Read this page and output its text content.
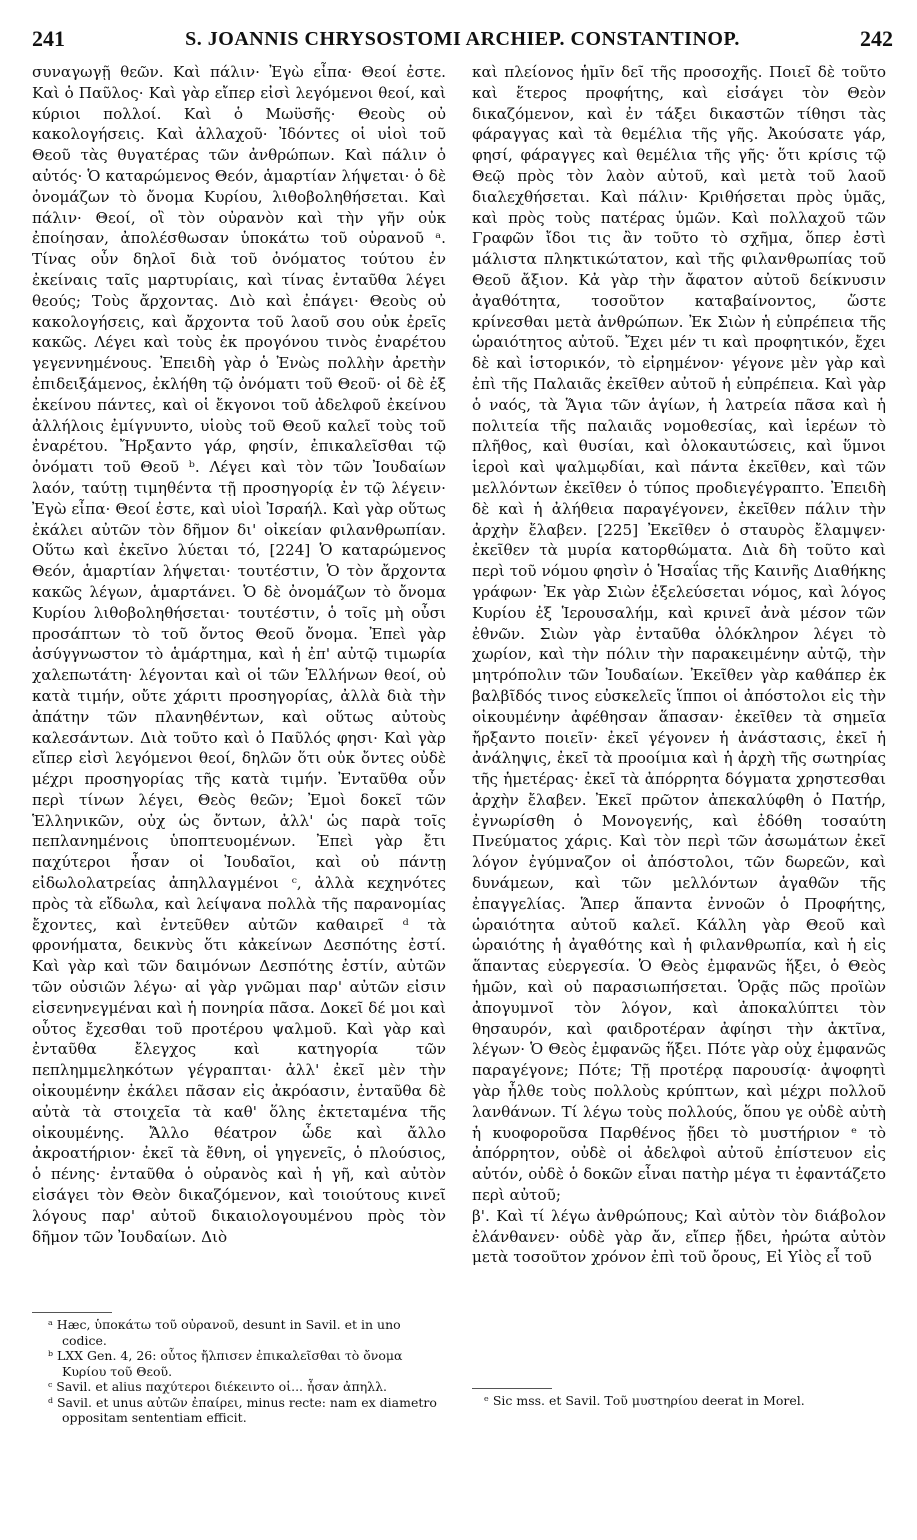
241	S. JOANNIS CHRYSOSTOMI ARCHIEP. CONSTANTINOP.	242

συναγωγῇ θεῶν. Καὶ πάλιν· Ἐγὼ εἶπα· Θεοί ἐστε. Καὶ ὁ Παῦλος· Καὶ γὰρ εἴπερ εἰσὶ λεγόμενοι θεοί, καὶ κύριοι πολλοί. Καὶ ὁ Μωϋσῆς· Θεοὺς οὐ κακολογήσεις. Καὶ ἀλλαχοῦ· Ἰδόντες οἱ υἱοὶ τοῦ Θεοῦ τὰς θυγατέρας τῶν ἀνθρώπων. Καὶ πάλιν ὁ αὐτός· Ὁ καταρώμενος Θεόν, ἁμαρτίαν λήψεται· ὁ δὲ ὀνομάζων τὸ ὄνομα Κυρίου, λιθοβοληθήσεται. Καὶ πάλιν· Θεοί, οἳ τὸν οὐρανὸν καὶ τὴν γῆν οὐκ ἐποίησαν, ἀπολέσθωσαν ὑποκάτω τοῦ οὐρανοῦ ᵃ. Τίνας οὖν δηλοῖ διὰ τοῦ ὀνόματος τούτου ἐν ἐκείναις ταῖς μαρτυρίαις, καὶ τίνας ἐνταῦθα λέγει θεούς; Τοὺς ἄρχοντας. Διὸ καὶ ἐπάγει· Θεοὺς οὐ κακολογήσεις, καὶ ἄρχοντα τοῦ λαοῦ σου οὐκ ἐρεῖς κακῶς. Λέγει καὶ τοὺς ἐκ προγόνου τινὸς ἐναρέτου γεγεννημένους. Ἐπειδὴ γὰρ ὁ Ἐνὼς πολλὴν ἀρετὴν ἐπιδειξάμενος, ἐκλήθη τῷ ὀνόματι τοῦ Θεοῦ· οἱ δὲ ἐξ ἐκείνου πάντες, καὶ οἱ ἔκγονοι τοῦ ἀδελφοῦ ἐκείνου ἀλλήλοις ἐμίγνυντο, υἱοὺς τοῦ Θεοῦ καλεῖ τοὺς τοῦ ἐναρέτου. Ἤρξαντο γάρ, φησίν, ἐπικαλεῖσθαι τῷ ὀνόματι τοῦ Θεοῦ ᵇ. Λέγει καὶ τὸν τῶν Ἰουδαίων λαόν, ταύτῃ τιμηθέντα τῇ προσηγορίᾳ ἐν τῷ λέγειν· Ἐγὼ εἶπα· Θεοί ἐστε, καὶ υἱοὶ Ἰσραήλ. Καὶ γὰρ οὕτως ἐκάλει αὐτῶν τὸν δῆμον δι' οἰκείαν φιλανθρωπίαν. Οὕτω καὶ ἐκεῖνο λύεται τό, [224] Ὁ καταρώμενος Θεόν, ἁμαρτίαν λήψεται· τουτέστιν, Ὁ τὸν ἄρχοντα κακῶς λέγων, ἁμαρτάνει. Ὁ δὲ ὀνομάζων τὸ ὄνομα Κυρίου λιθοβοληθήσεται· τουτέστιν, ὁ τοῖς μὴ οὖσι προσάπτων τὸ τοῦ ὄντος Θεοῦ ὄνομα. Ἐπεὶ γὰρ ἀσύγγνωστον τὸ ἁμάρτημα, καὶ ἡ ἐπ' αὐτῷ τιμωρία χαλεπωτάτη· λέγονται καὶ οἱ τῶν Ἑλλήνων θεοί, οὐ κατὰ τιμήν, οὔτε χάριτι προσηγορίας, ἀλλὰ διὰ τὴν ἀπάτην τῶν πλανηθέντων, καὶ οὕτως αὐτοὺς καλεσάντων. Διὰ τοῦτο καὶ ὁ Παῦλός φησι· Καὶ γὰρ εἴπερ εἰσὶ λεγόμενοι θεοί, δηλῶν ὅτι οὐκ ὄντες οὐδὲ μέχρι προσηγορίας τῆς κατὰ τιμήν. Ἐνταῦθα οὖν περὶ τίνων λέγει, Θεὸς θεῶν; Ἐμοὶ δοκεῖ τῶν Ἑλληνικῶν, οὐχ ὡς ὄντων, ἀλλ' ὡς παρὰ τοῖς πεπλανημένοις ὑποπτευομένων. Ἐπεὶ γὰρ ἔτι παχύτεροι ἦσαν οἱ Ἰουδαῖοι, καὶ οὐ πάντῃ εἰδωλολατρείας ἀπηλλαγμένοι ᶜ, ἀλλὰ κεχηνότες πρὸς τὰ εἴδωλα, καὶ λείψανα πολλὰ τῆς παρανομίας ἔχοντες, καὶ ἐντεῦθεν αὐτῶν καθαιρεῖ ᵈ τὰ φρονήματα, δεικνὺς ὅτι κἀκείνων Δεσπότης ἐστί. Καὶ γὰρ καὶ τῶν δαιμόνων Δεσπότης ἐστίν, αὐτῶν τῶν οὐσιῶν λέγω· αἱ γὰρ γνῶμαι παρ' αὐτῶν εἰσιν εἰσενηνεγμέναι καὶ ἡ πονηρία πᾶσα. Δοκεῖ δέ μοι καὶ οὗτος ἔχεσθαι τοῦ προτέρου ψαλμοῦ. Καὶ γὰρ καὶ ἐνταῦθα ἔλεγχος καὶ κατηγορία τῶν πεπλημμεληκότων γέγραπται· ἀλλ' ἐκεῖ μὲν τὴν οἰκουμένην ἐκάλει πᾶσαν εἰς ἀκρόασιν, ἐνταῦθα δὲ αὐτὰ τὰ στοιχεῖα τὰ καθ' ὅλης ἐκτεταμένα τῆς οἰκουμένης. Ἄλλο θέατρον ὧδε καὶ ἄλλο ἀκροατήριον· ἐκεῖ τὰ ἔθνη, οἱ γηγενεῖς, ὁ πλούσιος, ὁ πένης· ἐνταῦθα ὁ οὐρανὸς καὶ ἡ γῆ, καὶ αὐτὸν εἰσάγει τὸν Θεὸν δικαζόμενον, καὶ τοιούτους κινεῖ λόγους παρ' αὐτοῦ δικαιολογουμένου πρὸς τὸν δῆμον τῶν Ἰουδαίων. Διὸ

καὶ πλείονος ἡμῖν δεῖ τῆς προσοχῆς. Ποιεῖ δὲ τοῦτο καὶ ἕτερος προφήτης, καὶ εἰσάγει τὸν Θεὸν δικαζόμενον, καὶ ἐν τάξει δικαστῶν τίθησι τὰς φάραγγας καὶ τὰ θεμέλια τῆς γῆς. Ἀκούσατε γάρ, φησί, φάραγγες καὶ θεμέλια τῆς γῆς· ὅτι κρίσις τῷ Θεῷ πρὸς τὸν λαὸν αὐτοῦ, καὶ μετὰ τοῦ λαοῦ διαλεχθήσεται. Καὶ πάλιν· Κριθήσεται πρὸς ὑμᾶς, καὶ πρὸς τοὺς πατέρας ὑμῶν. Καὶ πολλαχοῦ τῶν Γραφῶν ἴδοι τις ἂν τοῦτο τὸ σχῆμα, ὅπερ ἐστὶ μάλιστα πληκτικώτατον, καὶ τῆς φιλανθρωπίας τοῦ Θεοῦ ἄξιον. Κἀ γὰρ τὴν ἄφατον αὐτοῦ δείκνυσιν ἀγαθότητα, τοσοῦτον καταβαίνοντος, ὥστε κρίνεσθαι μετὰ ἀνθρώπων. Ἐκ Σιὼν ἡ εὐπρέπεια τῆς ὡραιότητος αὐτοῦ. Ἔχει μέν τι καὶ προφητικόν, ἔχει δὲ καὶ ἱστορικόν, τὸ εἰρημένον· γέγονε μὲν γὰρ καὶ ἐπὶ τῆς Παλαιᾶς ἐκεῖθεν αὐτοῦ ἡ εὐπρέπεια. Καὶ γὰρ ὁ ναός, τὰ Ἅγια τῶν ἁγίων, ἡ λατρεία πᾶσα καὶ ἡ πολιτεία τῆς παλαιᾶς νομοθεσίας, καὶ ἱερέων τὸ πλῆθος, καὶ θυσίαι, καὶ ὁλοκαυτώσεις, καὶ ὕμνοι ἱεροὶ καὶ ψαλμῳδίαι, καὶ πάντα ἐκεῖθεν, καὶ τῶν μελλόντων ἐκεῖθεν ὁ τύπος προδιεγέγραπτο. Ἐπειδὴ δὲ καὶ ἡ ἀλήθεια παραγέγονεν, ἐκεῖθεν πάλιν τὴν ἀρχὴν ἔλαβεν. [225] Ἐκεῖθεν ὁ σταυρὸς ἔλαμψεν· ἐκεῖθεν τὰ μυρία κατορθώματα. Διὰ δὴ τοῦτο καὶ περὶ τοῦ νόμου φησὶν ὁ Ἡσαΐας τῆς Καινῆς Διαθήκης γράφων· Ἐκ γὰρ Σιὼν ἐξελεύσεται νόμος, καὶ λόγος Κυρίου ἐξ Ἱερουσαλήμ, καὶ κρινεῖ ἀνὰ μέσον τῶν ἐθνῶν. Σιὼν γὰρ ἐνταῦθα ὁλόκληρον λέγει τὸ χωρίον, καὶ τὴν πόλιν τὴν παρακειμένην αὐτῷ, τὴν μητρόπολιν τῶν Ἰουδαίων. Ἐκεῖθεν γὰρ καθάπερ ἐκ βαλβῖδός τινος εὐσκελεῖς ἵπποι οἱ ἀπόστολοι εἰς τὴν οἰκουμένην ἀφέθησαν ἅπασαν· ἐκεῖθεν τὰ σημεῖα ἤρξαντο ποιεῖν· ἐκεῖ γέγονεν ἡ ἀνάστασις, ἐκεῖ ἡ ἀνάληψις, ἐκεῖ τὰ προοίμια καὶ ἡ ἀρχὴ τῆς σωτηρίας τῆς ἡμετέρας· ἐκεῖ τὰ ἀπόρρητα δόγματα χρηστεσθαι ἀρχὴν ἔλαβεν. Ἐκεῖ πρῶτον ἀπεκαλύφθη ὁ Πατήρ, ἐγνωρίσθη ὁ Μονογενής, καὶ ἐδόθη τοσαύτη Πνεύματος χάρις. Καὶ τὸν περὶ τῶν ἀσωμάτων ἐκεῖ λόγον ἐγύμναζον οἱ ἀπόστολοι, τῶν δωρεῶν, καὶ δυνάμεων, καὶ τῶν μελλόντων ἀγαθῶν τῆς ἐπαγγελίας. Ἅπερ ἅπαντα ἐννοῶν ὁ Προφήτης, ὡραιότητα αὐτοῦ καλεῖ. Κάλλη γὰρ Θεοῦ καὶ ὡραιότης ἡ ἀγαθότης καὶ ἡ φιλανθρωπία, καὶ ἡ εἰς ἅπαντας εὐεργεσία. Ὁ Θεὸς ἐμφανῶς ἥξει, ὁ Θεὸς ἡμῶν, καὶ οὐ παρασιωπήσεται. Ὁρᾷς πῶς προϊὼν ἀπογυμνοῖ τὸν λόγον, καὶ ἀποκαλύπτει τὸν θησαυρόν, καὶ φαιδροτέραν ἀφίησι τὴν ἀκτῖνα, λέγων· Ὁ Θεὸς ἐμφανῶς ἥξει. Πότε γὰρ οὐχ ἐμφανῶς παραγέγονε; Πότε; Τῇ προτέρᾳ παρουσίᾳ· ἀψοφητὶ γὰρ ἦλθε τοὺς πολλοὺς κρύπτων, καὶ μέχρι πολλοῦ λανθάνων. Τί λέγω τοὺς πολλούς, ὅπου γε οὐδὲ αὐτὴ ἡ κυοφοροῦσα Παρθένος ᾔδει τὸ μυστήριον ᵉ τὸ ἀπόρρητον, οὐδὲ οἱ ἀδελφοὶ αὐτοῦ ἐπίστευον εἰς αὐτόν, οὐδὲ ὁ δοκῶν εἶναι πατὴρ μέγα τι ἐφαντάζετο περὶ αὐτοῦ;

β'. Καὶ τί λέγω ἀνθρώπους; Καὶ αὐτὸν τὸν διάβολον ἐλάνθανεν· οὐδὲ γὰρ ἄν, εἴπερ ᾔδει, ἠρώτα αὐτὸν μετὰ τοσοῦτον χρόνον ἐπὶ τοῦ ὄρους, Εἰ Υἱὸς εἶ τοῦ

ᵃ Hæc, ὑποκάτω τοῦ οὐρανοῦ, desunt in Savil. et in uno codice.

ᵇ LXX Gen. 4, 26: οὗτος ἤλπισεν ἐπικαλεῖσθαι τὸ ὄνομα Κυρίου τοῦ Θεοῦ.

ᶜ Savil. et alius παχύτεροι διέκειντο οἱ... ἦσαν ἀπηλλ.

ᵈ Savil. et unus αὐτῶν ἐπαίρει, minus recte: nam ex diametro oppositam sententiam efficit.

ᵉ Sic mss. et Savil. Τοῦ μυστηρίου deerat in Morel.
